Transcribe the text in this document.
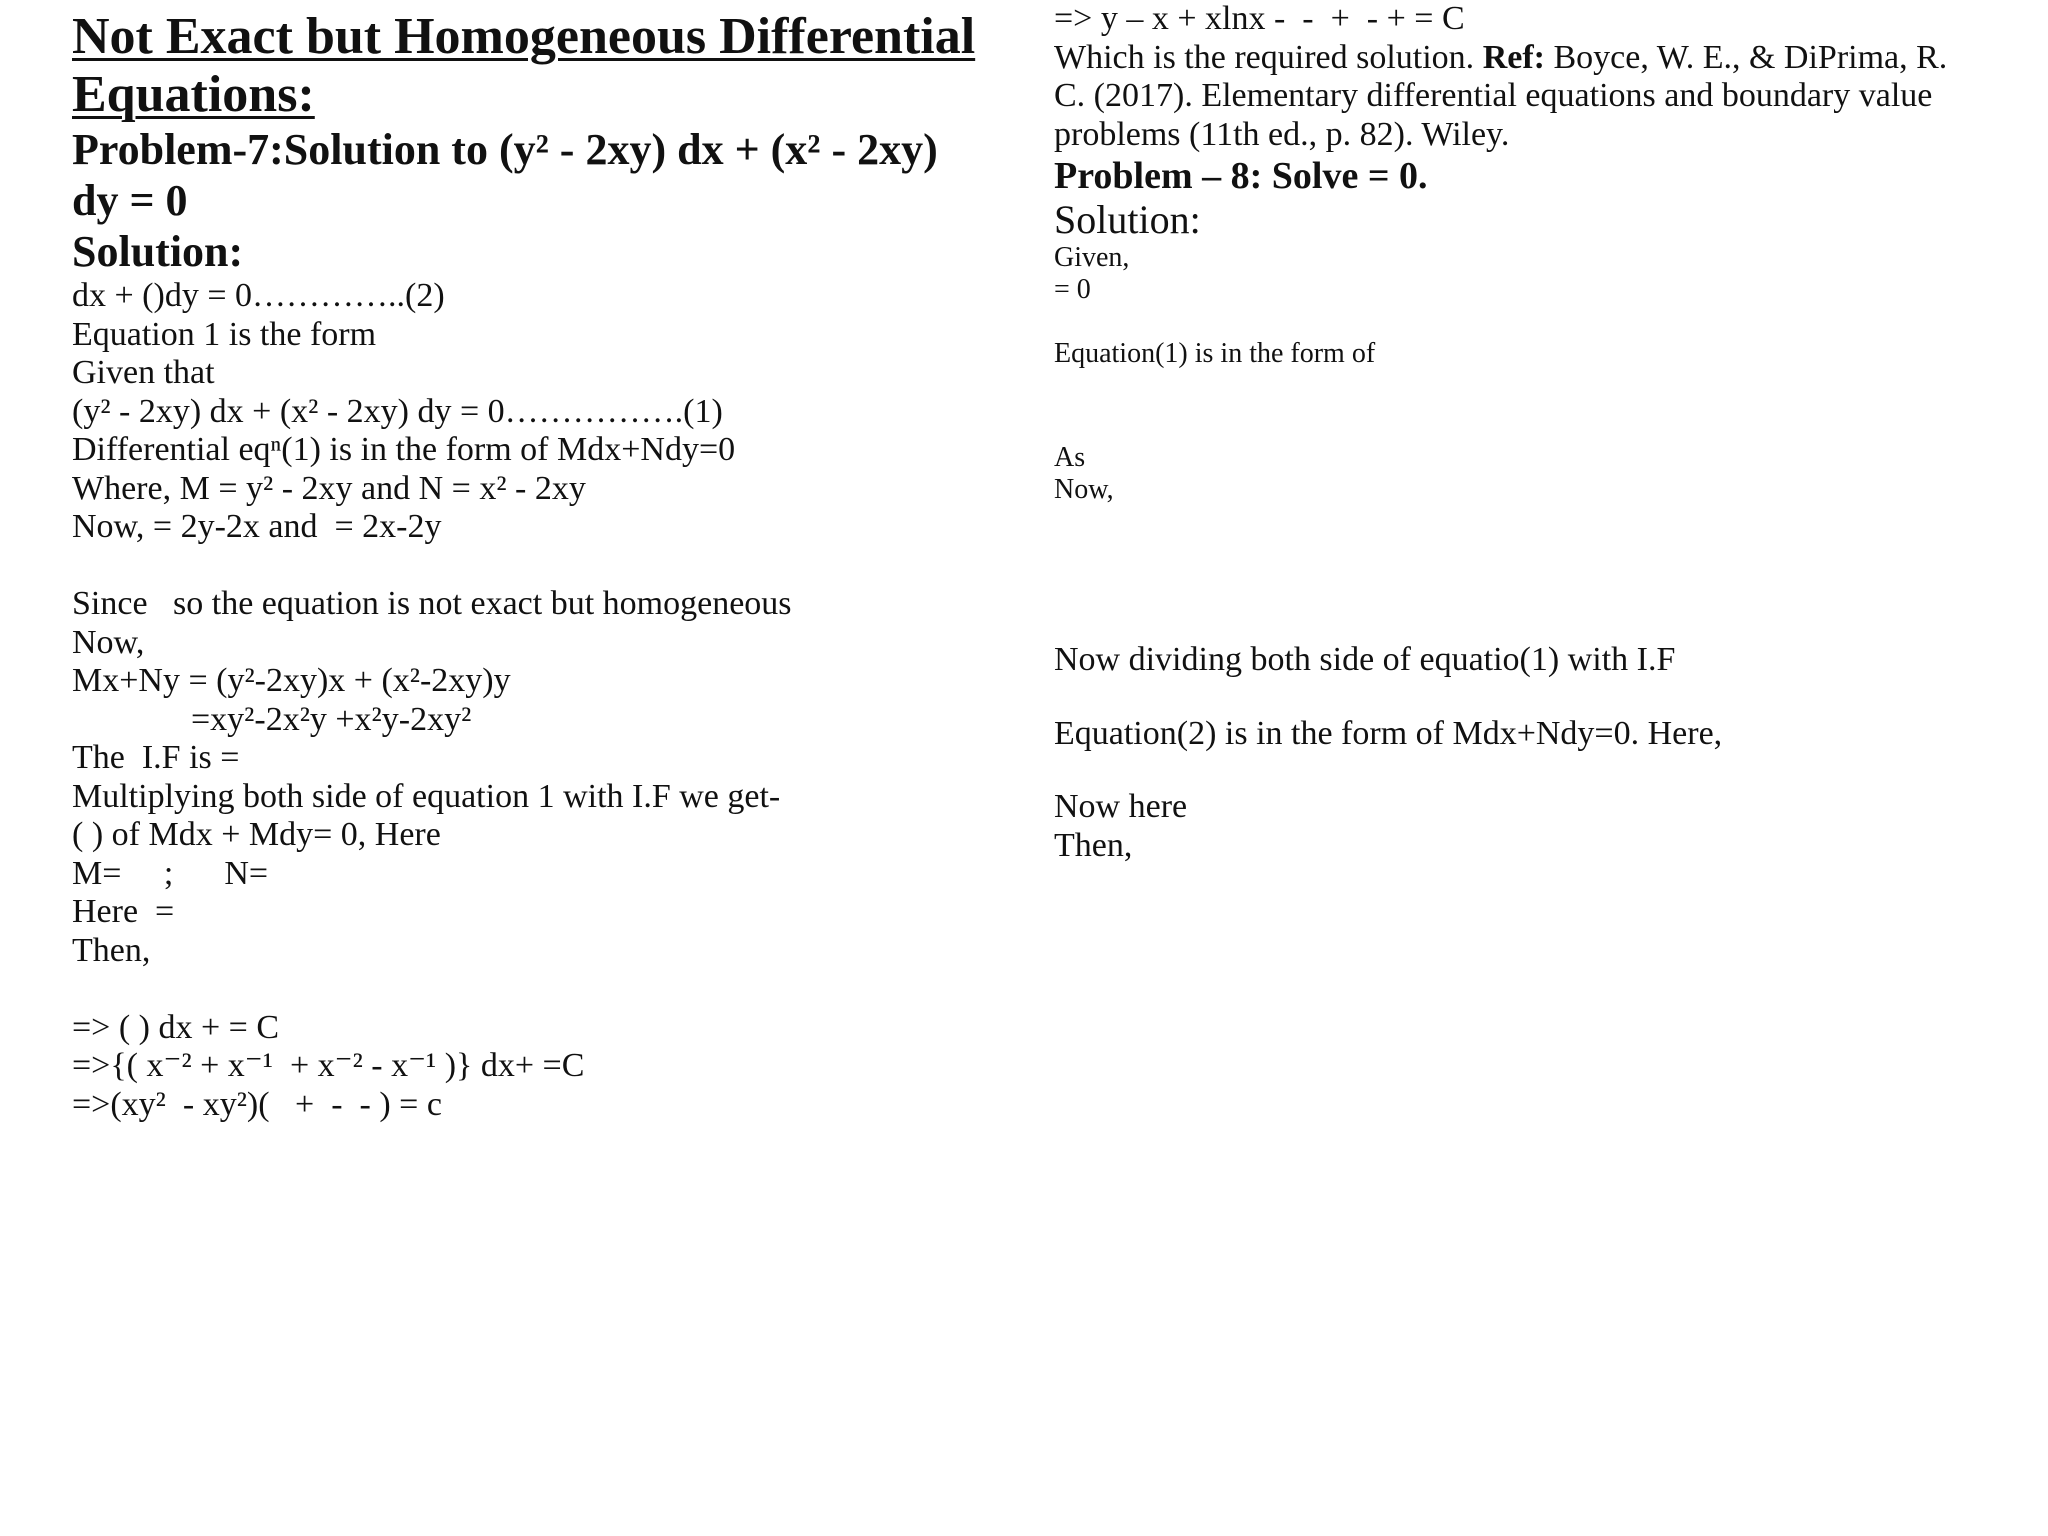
Not Exact but Homogeneous Differential
Equations:
Problem-7:Solution to (y² - 2xy) dx + (x² - 2xy)
dy = 0
Solution:
dx + ()dy = 0…………..(2)
Equation 1 is the form
Given that
(y² - 2xy) dx + (x² - 2xy) dy = 0…………….(1)
Differential eqⁿ(1) is in the form of Mdx+Ndy=0
Where, M = y² - 2xy and N = x² - 2xy
Now, = 2y-2x and  = 2x-2y
Since   so the equation is not exact but homogeneous
Now,
Mx+Ny = (y²-2xy)x + (x²-2xy)y
=xy²-2x²y +x²y-2xy²
The  I.F is =
Multiplying both side of equation 1 with I.F we get-
( ) of Mdx + Mdy= 0, Here
M=     ;      N=
Here  =
Then,
=> ( ) dx + = C
=>{( x⁻² + x⁻¹  + x⁻² - x⁻¹ )} dx+ =C
=>(xy²  - xy²)(   +  -  - ) = c
=> y – x + xlnx -  -  +  - + = C
Which is the required solution. Ref: Boyce, W. E., & DiPrima, R.
C. (2017). Elementary differential equations and boundary value
problems (11th ed., p. 82). Wiley.
Problem – 8: Solve = 0.
Solution:
Given,
= 0
Equation(1) is in the form of
As
Now,
Now dividing both side of equatio(1) with I.F
Equation(2) is in the form of Mdx+Ndy=0. Here,
Now here
Then,
